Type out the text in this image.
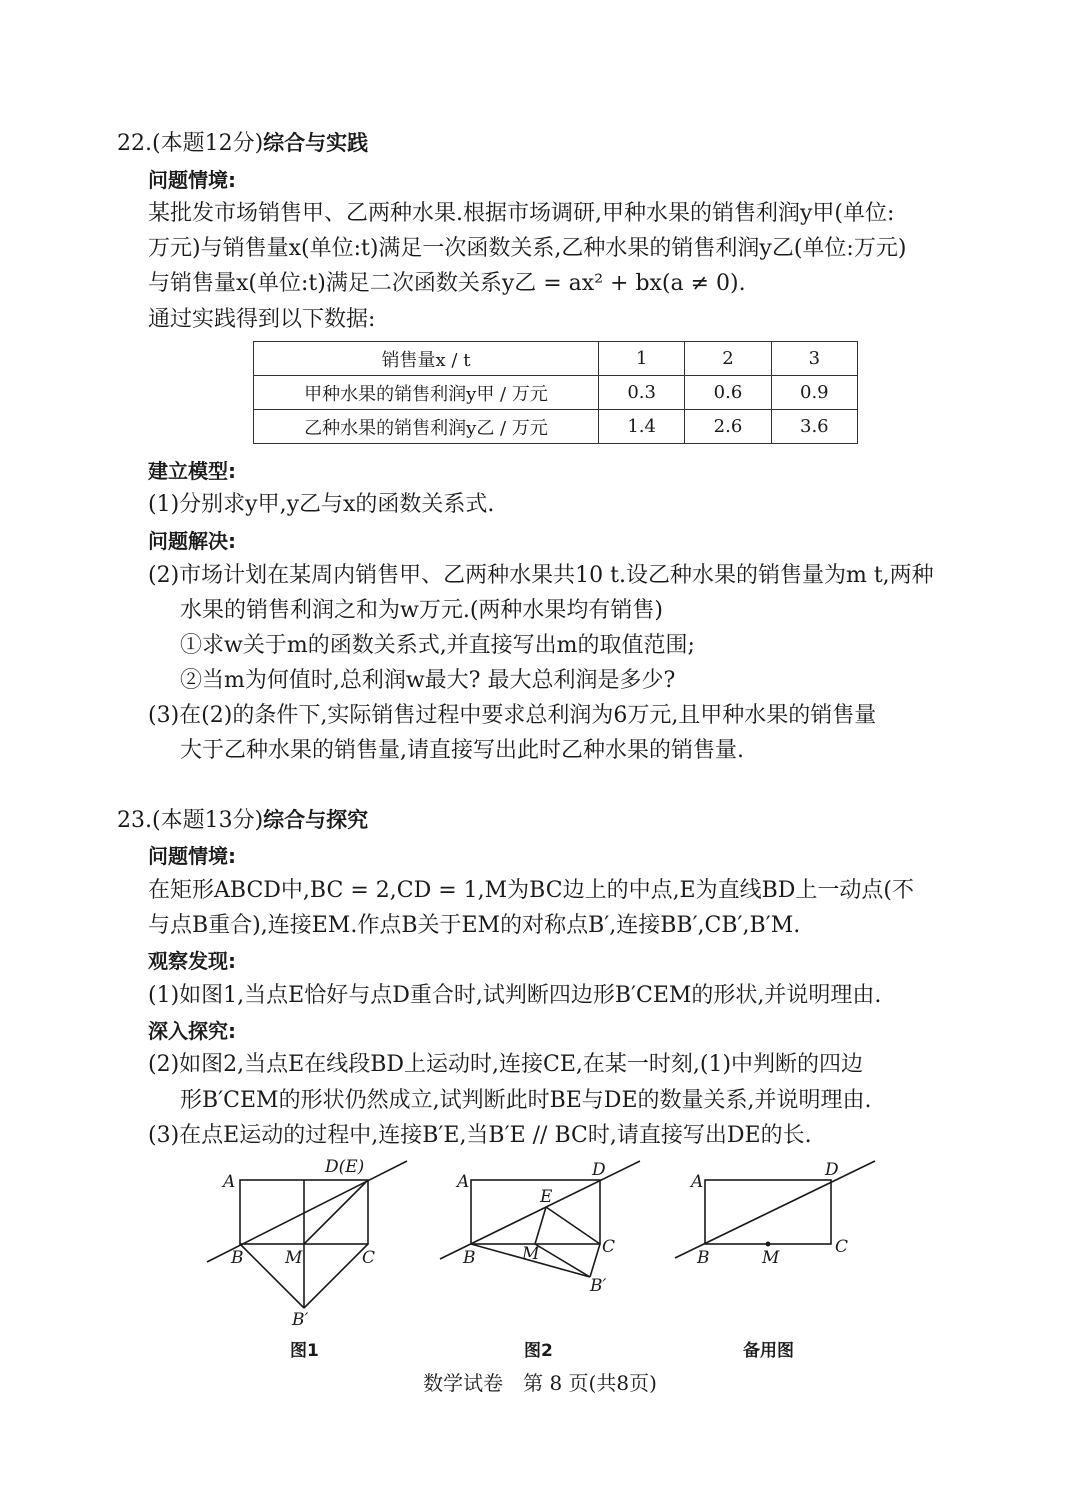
22.(本题12分)综合与实践
问题情境:
某批发市场销售甲、乙两种水果.根据市场调研,甲种水果的销售利润y甲(单位:
万元)与销售量x(单位:t)满足一次函数关系,乙种水果的销售利润y乙(单位:万元)
与销售量x(单位:t)满足二次函数关系y乙 = ax² + bx(a ≠ 0).
通过实践得到以下数据:
销售量x / t	1	2	3
甲种水果的销售利润y甲 / 万元	0.3	0.6	0.9
乙种水果的销售利润y乙 / 万元	1.4	2.6	3.6
建立模型:
(1)分别求y甲,y乙与x的函数关系式.
问题解决:
(2)市场计划在某周内销售甲、乙两种水果共10 t.设乙种水果的销售量为m t,两种
水果的销售利润之和为w万元.(两种水果均有销售)
①求w关于m的函数关系式,并直接写出m的取值范围;
②当m为何值时,总利润w最大? 最大总利润是多少?
(3)在(2)的条件下,实际销售过程中要求总利润为6万元,且甲种水果的销售量
大于乙种水果的销售量,请直接写出此时乙种水果的销售量.
23.(本题13分)综合与探究
问题情境:
在矩形ABCD中,BC = 2,CD = 1,M为BC边上的中点,E为直线BD上一动点(不
与点B重合),连接EM.作点B关于EM的对称点B′,连接BB′,CB′,B′M.
观察发现:
(1)如图1,当点E恰好与点D重合时,试判断四边形B′CEM的形状,并说明理由.
深入探究:
(2)如图2,当点E在线段BD上运动时,连接CE,在某一时刻,(1)中判断的四边
形B′CEM的形状仍然成立,试判断此时BE与DE的数量关系,并说明理由.
(3)在点E运动的过程中,连接B′E,当B′E // BC时,请直接写出DE的长.
A
D(E)
B M	C
B′
A
D
E
B	M	C
B′
A
D
B	M
C
图1	图2	备用图
数学试卷　第 8 页(共8页)
